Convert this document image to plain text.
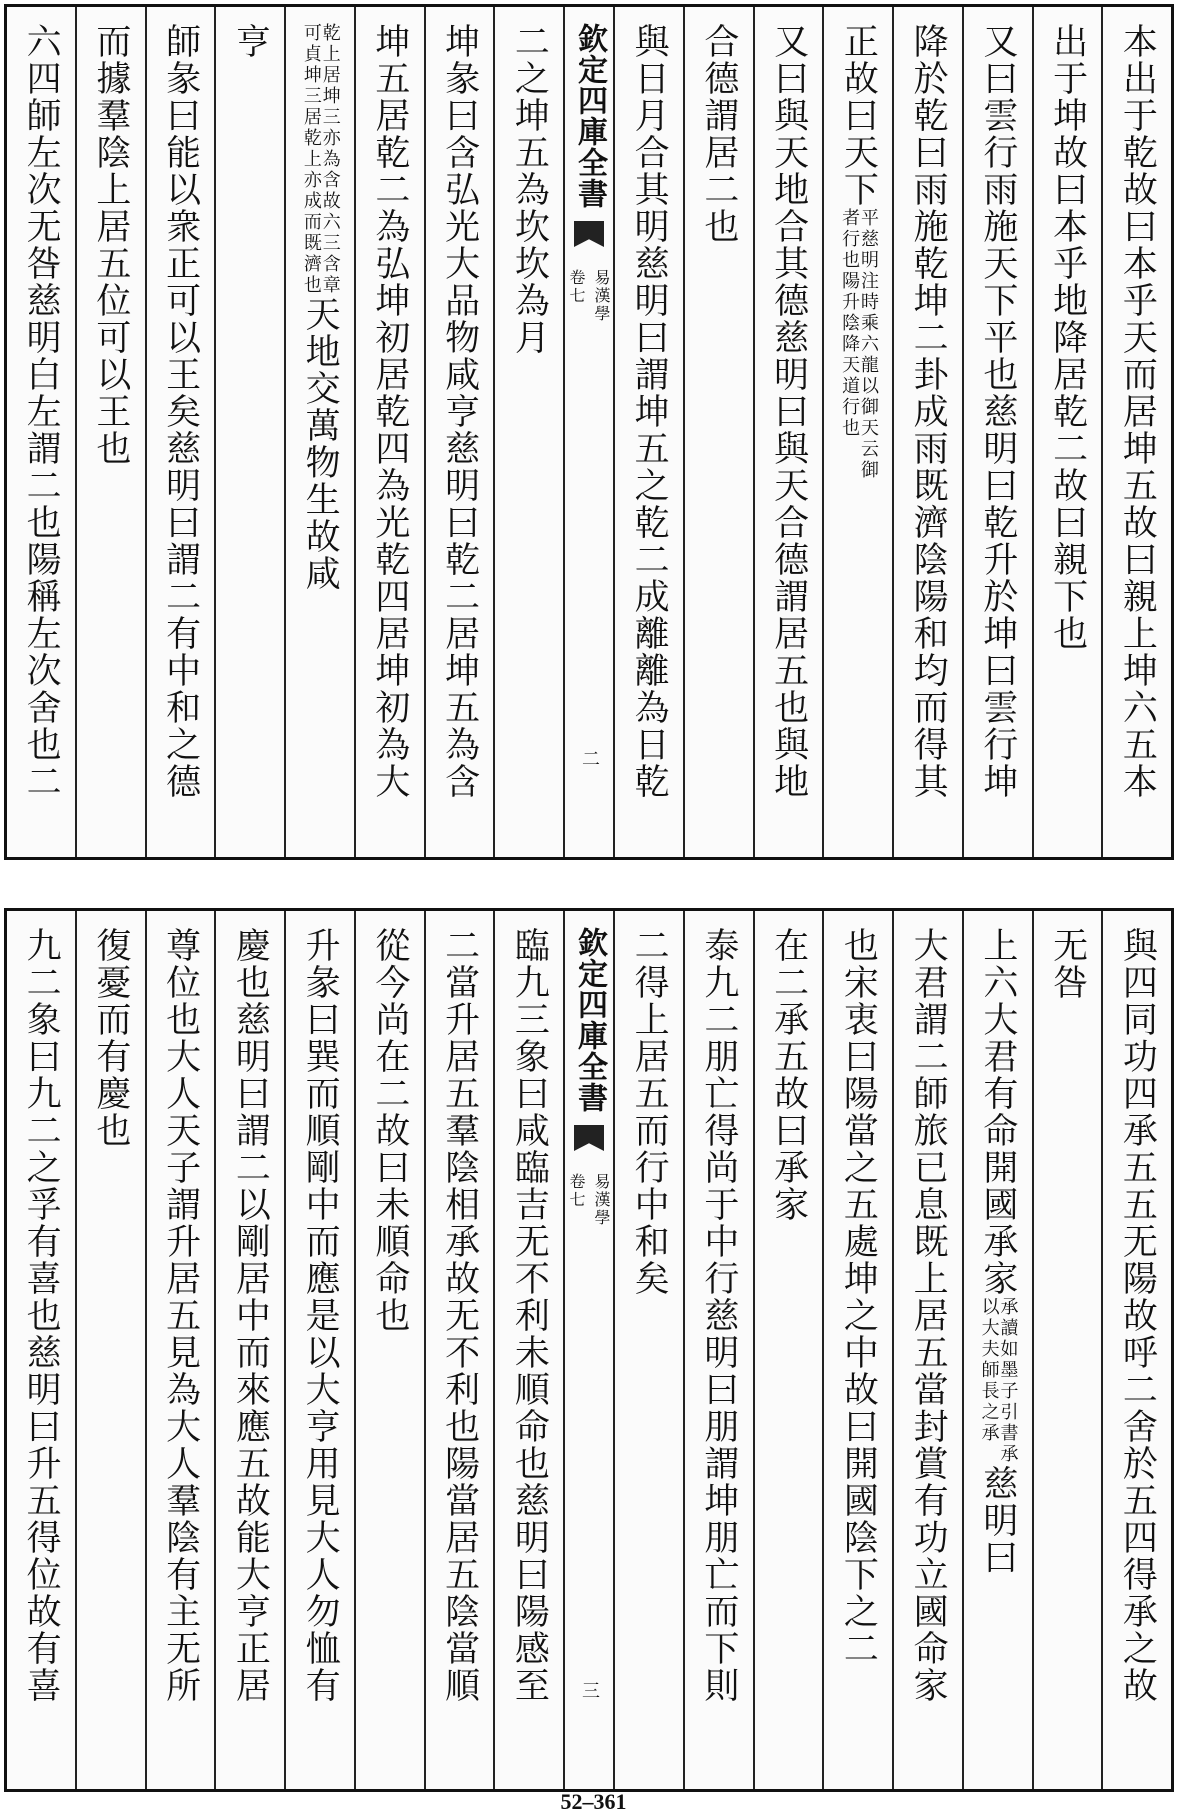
本出于乾故曰本乎天而居坤五故曰親上坤六五本
出于坤故曰本乎地降居乾二故曰親下也
又曰雲行雨施天下平也慈明曰乾升於坤曰雲行坤
降於乾曰雨施乾坤二卦成雨既濟陰陽和均而得其
正故曰天下
平慈明注時乘六龍以御天云御
者行也陽升陰降天道行也
又曰與天地合其德慈明曰與天合德謂居五也與地
合德謂居二也
與日月合其明慈明曰謂坤五之乾二成離離為日乾
欽定四庫全書
易漢學
卷七
二
二之坤五為坎坎為月
坤彖曰含弘光大品物咸亨慈明曰乾二居坤五為含
坤五居乾二為弘坤初居乾四為光乾四居坤初為大
乾上居坤三亦為含故六三含章
可貞坤三居乾上亦成而既濟也
天地交萬物生故咸
亨
師彖曰能以衆正可以王矣慈明曰謂二有中和之德
而據羣陰上居五位可以王也
六四師左次无咎慈明白左謂二也陽稱左次舍也二
與四同功四承五五无陽故呼二舍於五四得承之故
无咎
上六大君有命開國承家
承讀如墨子引書承
以大夫師長之承
慈明曰
大君謂二師旅已息既上居五當封賞有功立國命家
也
宋衷曰陽當之五處坤之中故曰開國陰下之二
在二承五故曰承家
泰九二朋亡得尚于中行慈明曰朋謂坤朋亡而下則
二得上居五而行中和矣
欽定四庫全書
易漢學
卷七
三
臨九三象曰咸臨吉无不利未順命也慈明曰陽感至
二當升居五羣陰相承故无不利也陽當居五陰當順
從今尚在二故曰未順命也
升彖曰巽而順剛中而應是以大亨用見大人勿恤有
慶也慈明曰謂二以剛居中而來應五故能大亨正居
尊位也大人天子謂升居五見為大人羣陰有主无所
復憂而有慶也
九二象曰九二之孚有喜也慈明曰升五得位故有喜
52–361
